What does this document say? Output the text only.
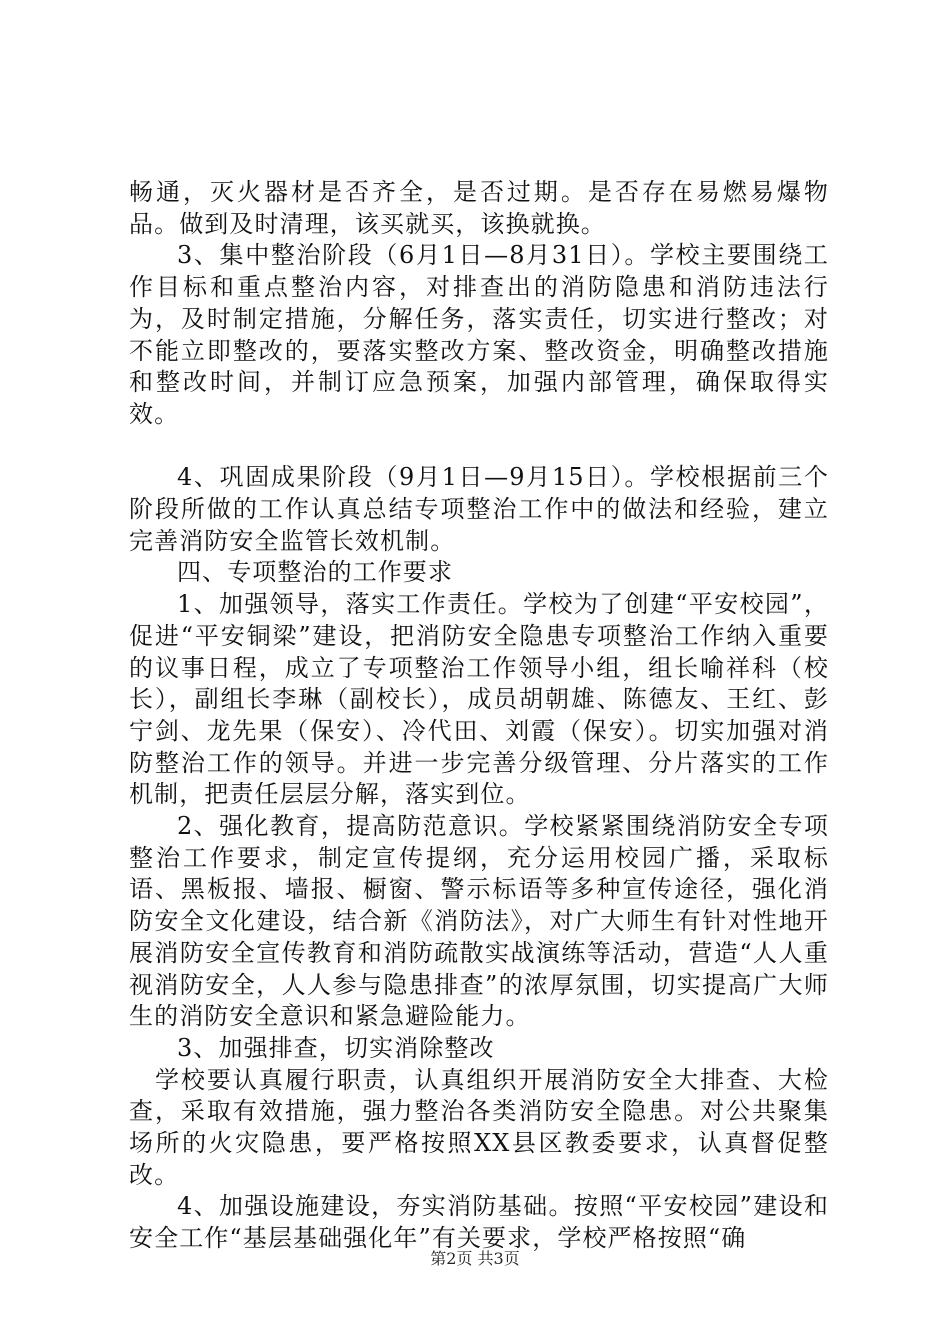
畅通，灭火器材是否齐全，是否过期。是否存在易燃易爆物品。做到及时清理，该买就买，该换就换。

3、集中整治阶段（6月1日—8月31日）。学校主要围绕工作目标和重点整治内容，对排查出的消防隐患和消防违法行为，及时制定措施，分解任务，落实责任，切实进行整改；对不能立即整改的，要落实整改方案、整改资金，明确整改措施和整改时间，并制订应急预案，加强内部管理，确保取得实效。

4、巩固成果阶段（9月1日—9月15日）。学校根据前三个阶段所做的工作认真总结专项整治工作中的做法和经验，建立完善消防安全监管长效机制。

四、专项整治的工作要求

1、加强领导，落实工作责任。学校为了创建“平安校园”，促进“平安铜梁”建设，把消防安全隐患专项整治工作纳入重要的议事日程，成立了专项整治工作领导小组，组长喻祥科（校长），副组长李琳（副校长），成员胡朝雄、陈德友、王红、彭宁剑、龙先果（保安）、冷代田、刘霞（保安）。切实加强对消防整治工作的领导。并进一步完善分级管理、分片落实的工作机制，把责任层层分解，落实到位。

2、强化教育，提高防范意识。学校紧紧围绕消防安全专项整治工作要求，制定宣传提纲，充分运用校园广播，采取标语、黑板报、墙报、橱窗、警示标语等多种宣传途径，强化消防安全文化建设，结合新《消防法》，对广大师生有针对性地开展消防安全宣传教育和消防疏散实战演练等活动，营造“人人重视消防安全，人人参与隐患排查”的浓厚氛围，切实提高广大师生的消防安全意识和紧急避险能力。

3、加强排查，切实消除整改

学校要认真履行职责，认真组织开展消防安全大排查、大检查，采取有效措施，强力整治各类消防安全隐患。对公共聚集场所的火灾隐患，要严格按照XX县区教委要求，认真督促整改。

4、加强设施建设，夯实消防基础。按照“平安校园”建设和安全工作“基层基础强化年”有关要求，学校严格按照“确

第2页 共3页
